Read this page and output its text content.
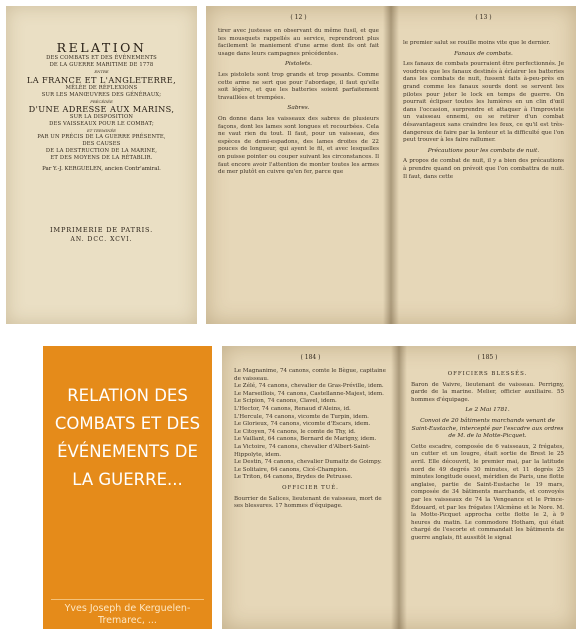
RELATION
DES COMBATS ET DES ÉVÉNEMENTS
DE LA GUERRE MARITIME DE 1778
ENTRE
LA FRANCE ET L'ANGLETERRE,
MÊLÉE DE RÉFLEXIONS
SUR LES MANŒUVRES DES GÉNÉRAUX;
PRÉCÉDÉE
D'UNE ADRESSE AUX MARINS,
SUR LA DISPOSITION
DES VAISSEAUX POUR LE COMBAT;
ET TERMINÉE
PAR UN PRÉCIS DE LA GUERRE PRÉSENTE,
DES CAUSES
DE LA DESTRUCTION DE LA MARINE,
ET DES MOYENS DE LA RÉTABLIR.
Par Y.-J. KERGUELEN, ancien Contr'amiral.
IMPRIMERIE DE PATRIS.
AN. DCC. XCVI.
( 12 )
tirer avec justesse en observant du même fusil, et que les mousquets rappellés au service, reprendront plus facilement le maniement d'une arme dont ils ont fait usage dans leurs campagnes précédentes.
Pistolets.
Les pistolets sont trop grands et trop pesants. Comme cette arme ne sert que pour l'abordage, il faut qu'elle soit légère, et que les batteries soient parfaitement travaillées et trempées.
Sabres.
On donne dans les vaisseaux des sabres de plusieurs façons, dont les lames sont longues et recourbées. Cela ne vaut rien du tout. Il faut, pour un vaisseau, des espèces de demi-espadons, des lames droites de 22 pouces de longueur, qui ayent le fil, et avec lesquelles on puisse pointer ou couper suivant les circonstances. Il faut encore avoir l'attention de monter toutes les armes de mer plutôt en cuivre qu'en fer, parce que
( 13 )
le premier salut se rouille moins vite que le dernier.
Fanaux de combats.
Les fanaux de combats pourraient être perfectionnés. Je voudrois que les fanaux destinés à éclairer les batteries dans les combats de nuit, fussent faits à-peu-près en grand comme les fanaux sourds dont se servent les pilotes pour jeter le lock en temps de guerre. On pourrait éclipser toutes les lumières en un clin d'œil dans l'occasion, surprendre et attaquer à l'improviste un vaisseau ennemi, ou se retirer d'un combat désavantageux sans craindre les feux, ce qu'il est très-dangereux de faire par la lenteur et la difficulté que l'on peut trouver à les faire rallumer.
Précautions pour les combats de nuit.
A propos de combat de nuit, il y a bien des précautions à prendre quand on prévoit que l'on combattra de nuit. Il faut, dans cette
RELATION DES COMBATS ET DES ÉVÉNEMENTS DE LA GUERRE...
Yves Joseph de Kerguelen-Tremarec, ...
( 184 )
Le Magnanime, 74 canons, comte le Bègue, capitaine de vaisseau.
Le Zélé, 74 canons, chevalier de Gras-Préville, idem.
Le Marseillois, 74 canons, Castellanne-Majest, idem.
Le Scipion, 74 canons, Clavel, idem.
L'Hector, 74 canons, Renaud d'Aleins, id.
L'Hercule, 74 canons, vicomte de Turpin, idem.
Le Glorieux, 74 canons, vicomte d'Escars, idem.
Le Citoyen, 74 canons, le comte de Thy, id.
Le Vaillant, 64 canons, Bernard de Marigny, idem.
La Victoire, 74 canons, chevalier d'Albert-Saint-Hippolyte, idem.
Le Destin, 74 canons, chevalier Dumaitz de Goimpy.
Le Solitaire, 64 canons, Cicé-Champion.
Le Triton, 64 canons, Brydes de Petrusse.
OFFICIER TUÉ.
Bourrier de Salices, lieutenant de vaisseau, mort de ses blessures. 17 hommes d'équipage.
( 185 )
OFFICIERS BLESSÉS.
Baron de Vaivre, lieutenant de vaisseau. Perrigny, garde de la marine. Melier, officier auxiliaire. 55 hommes d'équipage.
Le 2 Mai 1781.
Convoi de 20 bâtiments marchands venant de Saint-Eustache, intercepté par l'escadre aux ordres de M. de la Motte-Picquet.
Cette escadre, composée de 6 vaisseaux, 2 frégates, un cutter et un lougre, était sortie de Brest le 25 avril. Elle découvrit, le premier mai, par la latitude nord de 49 degrés 30 minutes, et 11 degrés 25 minutes longitude ouest, méridien de Paris, une flotte anglaise, partie de Saint-Eustache le 19 mars, composée de 34 bâtiments marchands, et convoyés par les vaisseaux de 74 la Vengeance et le Prince-Édouard, et par les frégates l'Alcmène et le Nore. M. la Motte-Picquet approcha cette flotte le 2, à 9 heures du matin. Le commodore Hotham, qui était chargé de l'escorte et commandait les bâtiments de guerre anglais, fit aussitôt le signal
